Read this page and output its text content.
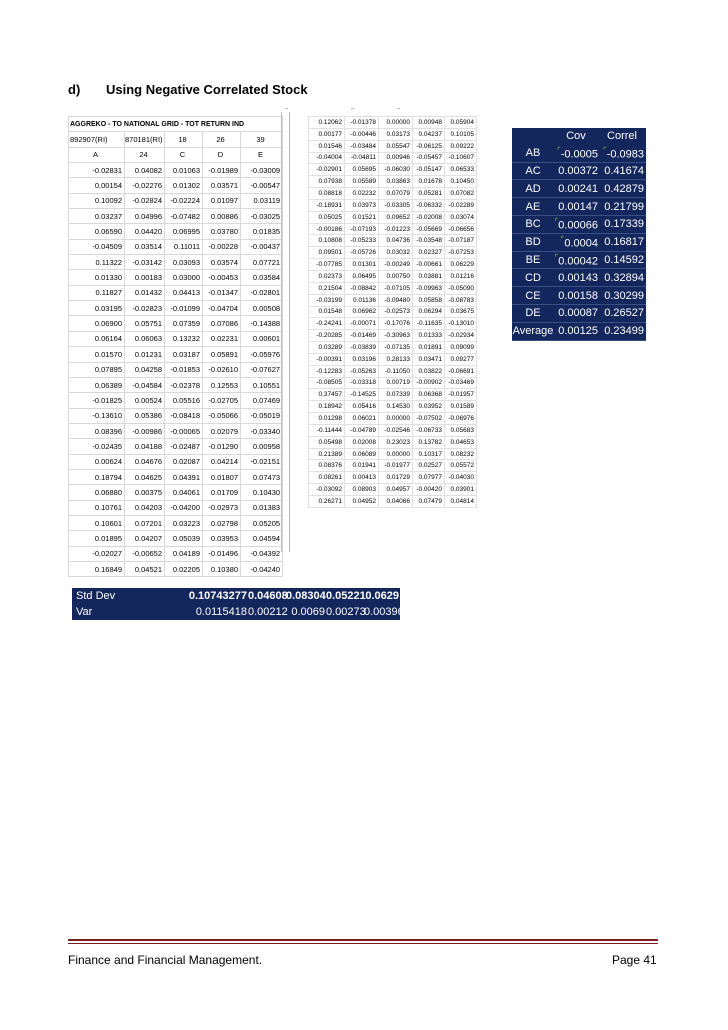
d) Using Negative Correlated Stock
AGGREKO - TO NATIONAL GRID - TOT RETURN IND				
892907(RI)	870181(RI)	18	26	39
A	24	C	D	E
-0.02831	0.04082	0.01063	-0.01989	-0.03009
0.00154	-0.02276	0.01302	0.03571	-0.00547
0.10092	-0.02824	-0.02224	0.01097	0.03119
0.03237	0.04996	-0.07482	0.00886	-0.03025
0.06590	0.04420	0.06995	0.03780	0.01835
-0.04509	0.03514	0.11011	-0.00228	-0.00437
0.11322	-0.03142	0.03093	0.03574	0.07721
0.01330	0.00183	0.03000	-0.00453	0.03584
0.11827	0.01432	0.04413	-0.01347	-0.02801
0.03195	-0.02823	-0.01099	-0.04704	0.00508
0.06900	0.05751	0.07359	0.07086	-0.14388
0.06164	0.06063	0.13232	0.02231	0.00601
0.01570	0.01231	0.03187	0.05891	-0.05976
0.07895	0.04258	-0.01853	-0.02610	-0.07627
0.06389	-0.04584	-0.02378	0.12553	0.10551
-0.01825	0.00524	0.05516	-0.02705	0.07469
-0.13610	0.05386	-0.08418	-0.05066	-0.05019
0.08396	-0.00986	-0.00065	0.02079	-0.03340
-0.02435	0.04188	-0.02487	-0.01290	0.00958
0.00624	0.04676	0.02087	0.04214	-0.02151
0.18794	0.04625	0.04391	0.01807	0.07473
0.06880	0.00375	0.04061	0.01709	0.10430
0.10761	0.04203	-0.04200	-0.02973	0.01383
0.10601	0.07201	0.03223	0.02798	0.05205
0.01895	0.04207	0.05039	0.03953	0.04594
-0.02027	-0.00652	0.04189	-0.01496	-0.04392
0.16849	0.04521	0.02205	0.10380	-0.04240
0.12062	-0.01378	0.00000	0.00948	0.05904
0.00177	-0.00446	0.03173	0.04237	0.10105
0.01546	-0.03484	0.05547	-0.06125	0.09222
-0.04004	-0.04811	0.00946	-0.05457	-0.10607
-0.02901	0.05695	-0.06030	-0.05147	0.06533
0.07938	0.05589	0.03863	0.01678	0.10450
0.08818	0.02232	0.07079	0.05281	0.07082
-0.18931	0.03973	-0.03305	-0.06332	-0.02289
0.05025	0.01521	0.09652	-0.02008	0.03074
-0.00186	-0.07193	-0.01223	-0.05669	-0.06656
0.10808	-0.05233	0.04736	-0.03548	-0.07187
0.09501	-0.05726	0.03032	0.02327	-0.07253
-0.07785	0.01301	-0.00249	-0.00661	0.06229
0.02373	0.06495	0.00750	0.03881	0.01216
0.21504	-0.08842	-0.07105	-0.09963	-0.05090
-0.03199	0.01136	-0.09480	0.05858	-0.08783
0.01548	0.06962	-0.02573	0.06294	0.03675
-0.24241	-0.00071	-0.17076	-0.11635	-0.13010
-0.20285	-0.01469	-0.30963	0.01333	-0.02934
0.03289	-0.03839	-0.07135	0.01891	0.09099
-0.00391	0.03196	0.28133	0.03471	0.09277
-0.12283	-0.05263	-0.11050	0.03822	-0.06691
-0.08505	-0.03318	0.00719	-0.00902	-0.03469
0.37457	-0.14525	0.07339	0.06368	-0.01957
0.18942	0.05416	0.14530	0.03952	0.01589
0.01298	0.06021	0.00000	-0.07502	-0.06976
-0.11444	-0.04789	-0.02546	-0.06733	0.05683
0.05498	0.02008	0.23023	0.13782	0.04653
0.21389	0.06089	0.00000	0.10317	0.08232
0.08376	0.01941	-0.01977	0.02527	0.05572
0.08261	0.00413	0.01729	0.07977	-0.04030
-0.03092	0.08903	0.04957	-0.00420	0.03901
0.26271	0.04952	0.04066	0.07479	0.04814
	Cov	Correl
AB	⌜-0.0005	⌜-0.0983
AC	0.00372	0.41674
AD	0.00241	0.42879
AE	0.00147	0.21799
BC	⌜0.00066	0.17339
BD	⌜0.0004	0.16817
BE	⌜0.00042	0.14592
CD	0.00143	0.32894
CE	0.00158	0.30299
DE	0.00087	0.26527
Average	0.00125	0.23499
Std Dev	0.10743277	0.04608	0.08304	0.05221	0.0629
Var	0.0115418	0.00212	0.0069	0.00273	0.00396
Finance and Financial Management.	Page 41
